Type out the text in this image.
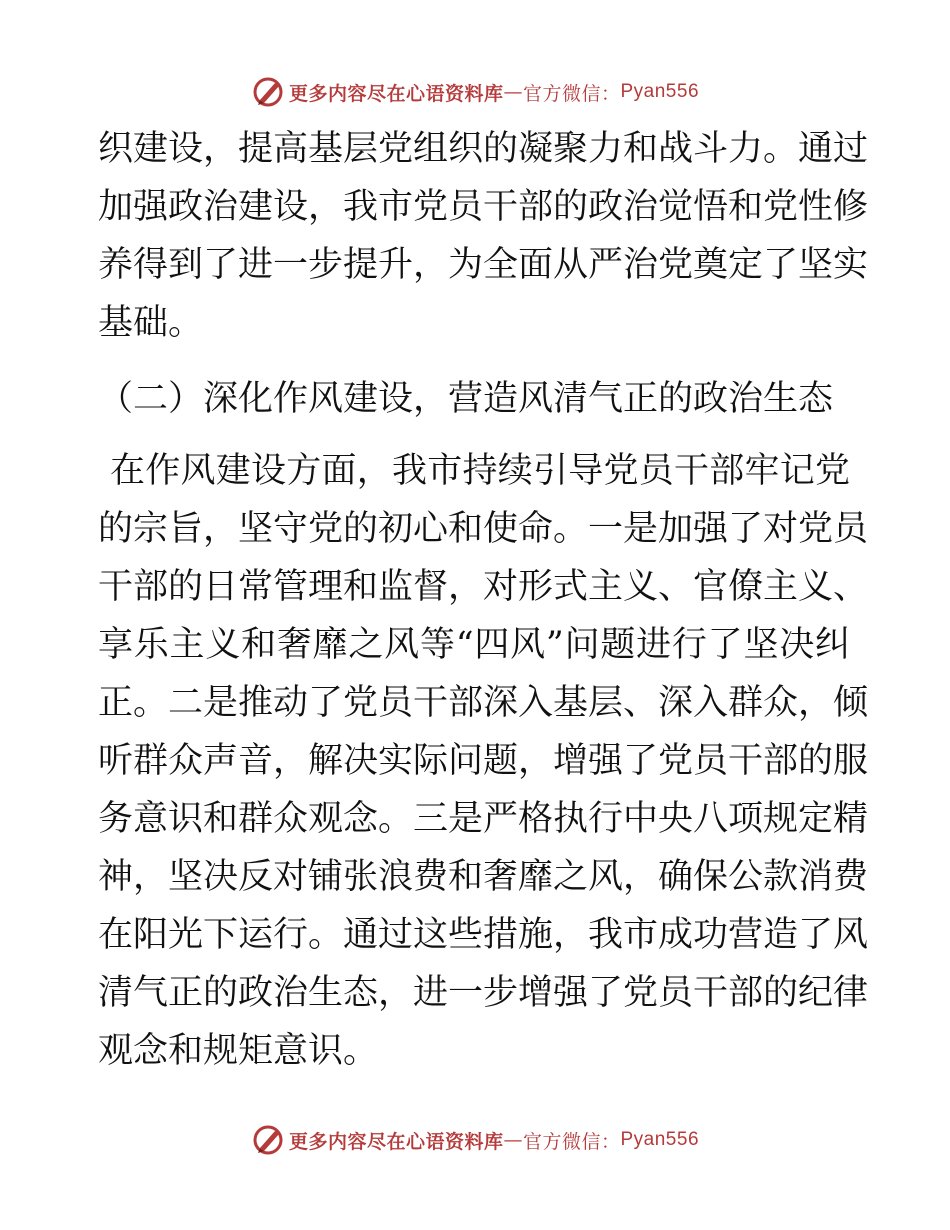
更多内容尽在心语资料库 — 官方微信： Pyan556
织建设，提高基层党组织的凝聚力和战斗力。通过
加强政治建设，我市党员干部的政治觉悟和党性修
养得到了进一步提升，为全面从严治党奠定了坚实
基础。
（二）深化作风建设，营造风清气正的政治生态
在作风建设方面，我市持续引导党员干部牢记党
的宗旨，坚守党的初心和使命。一是加强了对党员
干部的日常管理和监督，对形式主义、官僚主义、
享乐主义和奢靡之风等“四风”问题进行了坚决纠
正。二是推动了党员干部深入基层、深入群众，倾
听群众声音，解决实际问题，增强了党员干部的服
务意识和群众观念。三是严格执行中央八项规定精
神，坚决反对铺张浪费和奢靡之风，确保公款消费
在阳光下运行。通过这些措施，我市成功营造了风
清气正的政治生态，进一步增强了党员干部的纪律
观念和规矩意识。
更多内容尽在心语资料库 — 官方微信： Pyan556
